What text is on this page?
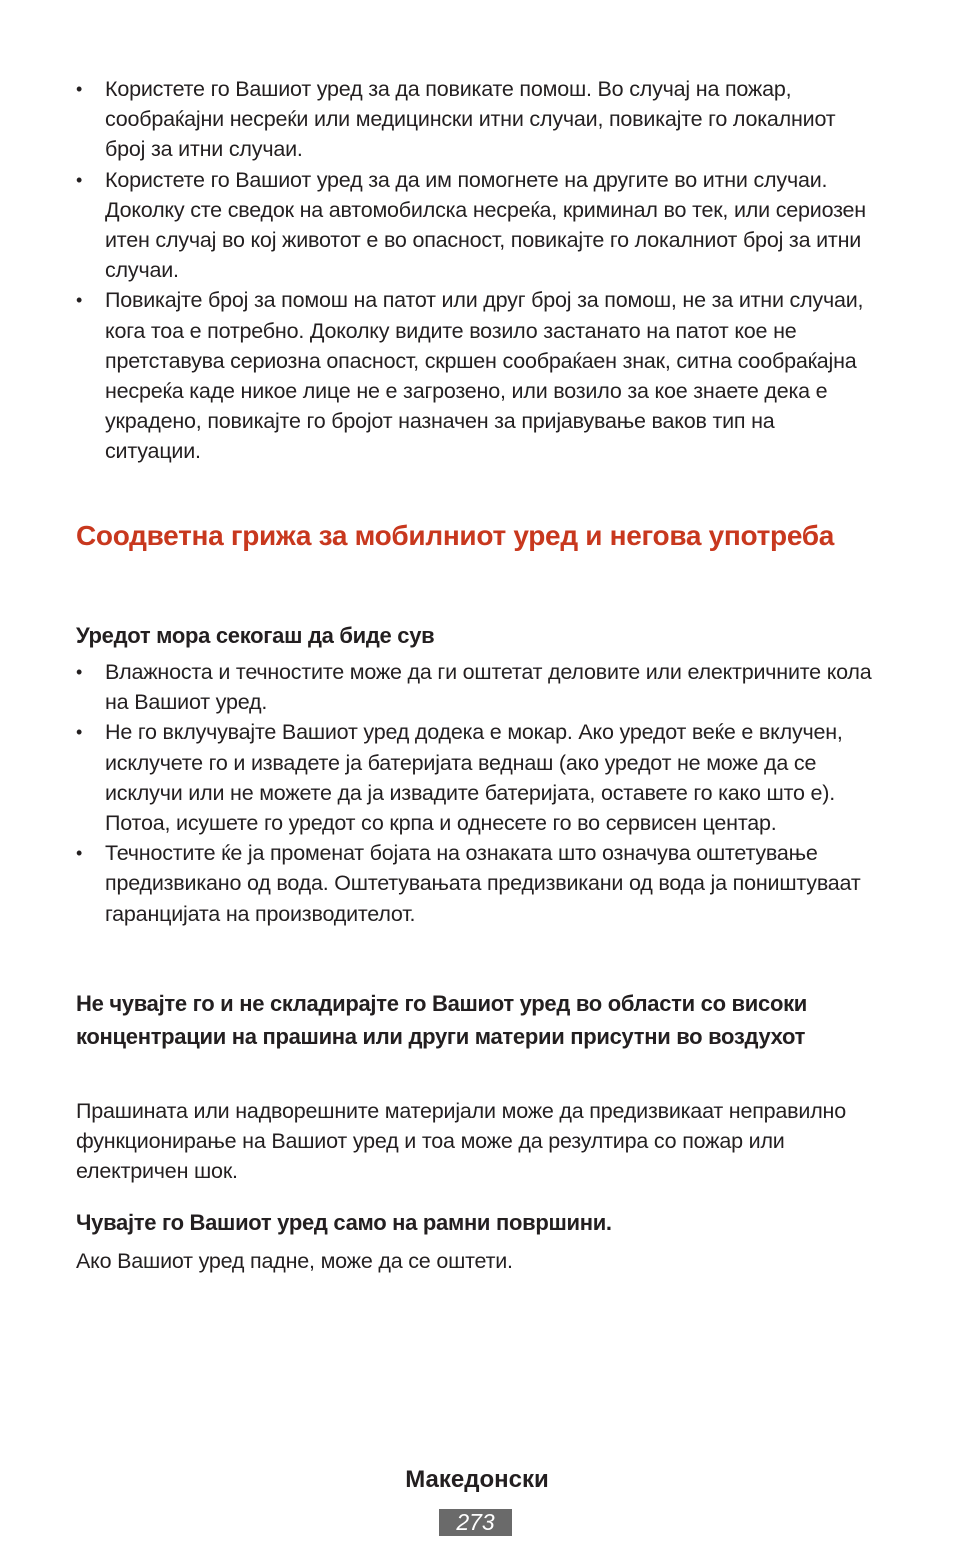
•	Користете го Вашиот уред за да повикате помош. Во случај на пожар, сообраќајни несреќи или медицински итни случаи, повикајте го локалниот број за итни случаи.
•	Користете го Вашиот уред за да им помогнете на другите во итни случаи. Доколку сте сведок на автомобилска несреќа, криминал во тек, или сериозен итен случај во кој животот е во опасност, повикајте го локалниот број за итни случаи.
•	Повикајте број за помош на патот или друг број за помош, не за итни случаи, кога тоа е потребно. Доколку видите возило застанато на патот кое не претставува сериозна опасност, скршен сообраќаен знак, ситна сообраќајна несреќа каде никое лице не е загрозено, или возило за кое знаете дека е украдено, повикајте го бројот назначен за пријавување ваков тип на ситуации.
Соодветна грижа за мобилниот уред и негова употреба
Уредот мора секогаш да биде сув
•	Влажноста и течностите може да ги оштетат деловите или електричните кола на Вашиот уред.
•	Не го вклучувајте Вашиот уред додека е мокар. Ако уредот веќе е вклучен, исклучете го и извадете ја батеријата веднаш (ако уредот не може да се исклучи или не можете да ја извадите батеријата, оставете го како што е). Потоа, исушете го уредот со крпа и однесете го во сервисен центар.
•	Течностите ќе ја променат бојата на ознаката што означува оштетување предизвикано од вода. Оштетувањата предизвикани од вода ја поништуваат гаранцијата на производителот.
Не чувајте го и не складирајте го Вашиот уред во области со високи концентрации на прашина или други материи присутни во воздухот

Прашината или надворешните материјали може да предизвикаат неправилно функционирање на Вашиот уред и тоа може да резултира со пожар или електричен шок.

Чувајте го Вашиот уред само на рамни површини.

Ако Вашиот уред падне, може да се оштети.

Македонски
273
